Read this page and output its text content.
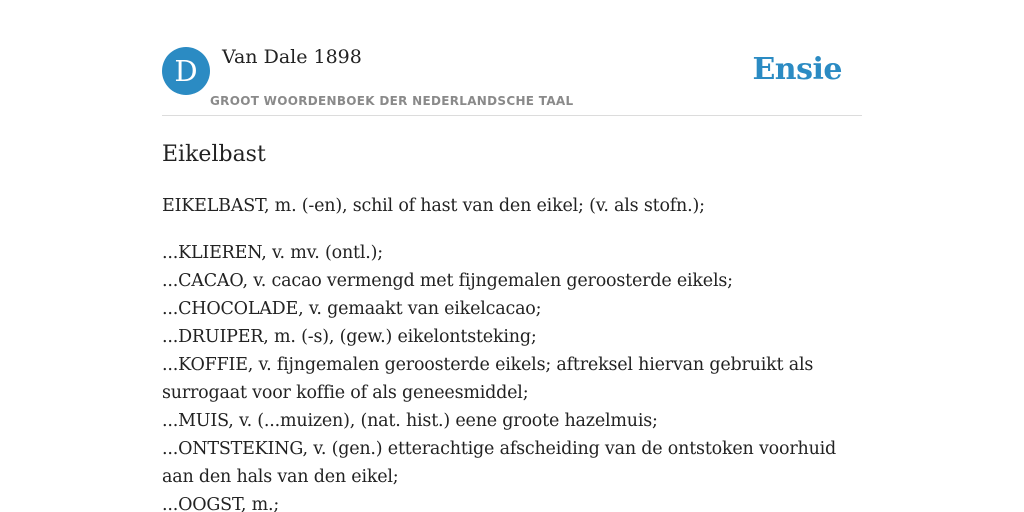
D	Van Dale 1898
GROOT WOORDENBOEK DER NEDERLANDSCHE TAAL
Ensie
Eikelbast

EIKELBAST, m. (-en), schil of hast van den eikel; (v. als stofn.);

...KLIEREN, v. mv. (ontl.);
...CACAO, v. cacao vermengd met fijngemalen geroosterde eikels;
...CHOCOLADE, v. gemaakt van eikelcacao;
...DRUIPER, m. (-s), (gew.) eikelontsteking;
...KOFFIE, v. fijngemalen geroosterde eikels; aftreksel hiervan gebruikt als surrogaat voor koffie of als geneesmiddel;
...MUIS, v. (...muizen), (nat. hist.) eene groote hazelmuis;
...ONTSTEKING, v. (gen.) etterachtige afscheiding van de ontstoken voorhuid aan den hals van den eikel;
...OOGST, m.;
